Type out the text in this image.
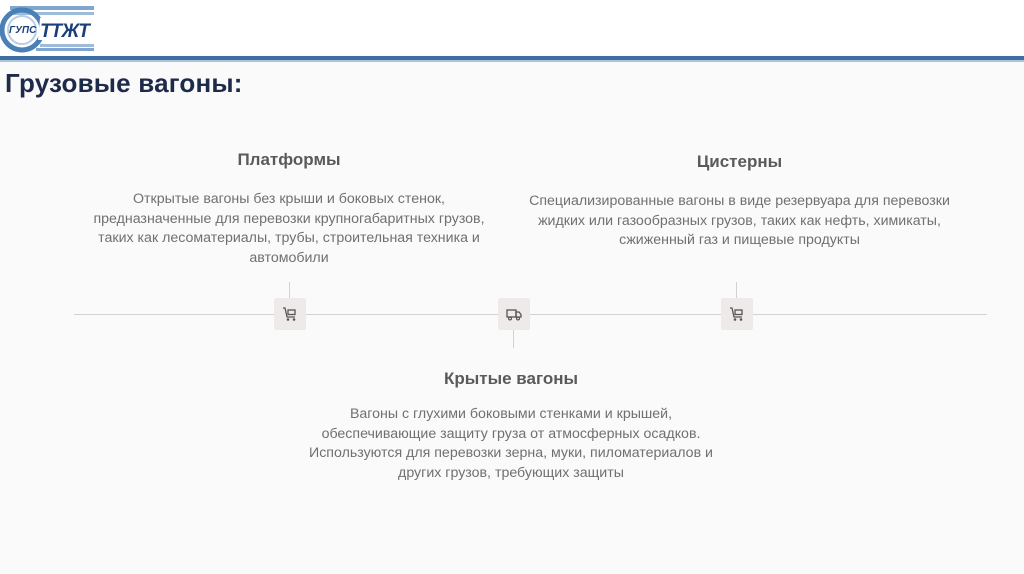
ГУПС ТТЖТ
Грузовые вагоны:

Платформы

Открытые вагоны без крыши и боковых стенок, предназначенные для перевозки крупногабаритных грузов, таких как лесоматериалы, трубы, строительная техника и автомобили

Цистерны

Специализированные вагоны в виде резервуара для перевозки жидких или газообразных грузов, таких как нефть, химикаты, сжиженный газ и пищевые продукты

Крытые вагоны

Вагоны с глухими боковыми стенками и крышей, обеспечивающие защиту груза от атмосферных осадков. Используются для перевозки зерна, муки, пиломатериалов и других грузов, требующих защиты
